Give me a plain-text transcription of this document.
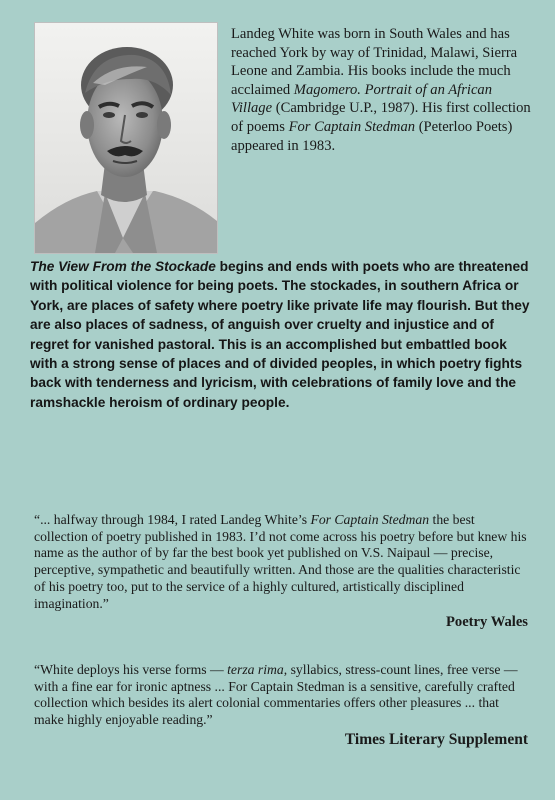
Landeg White was born in South Wales and has reached York by way of Trinidad, Malawi, Sierra Leone and Zambia. His books include the much acclaimed Magomero. Portrait of an African Village (Cambridge U.P., 1987). His first collection of poems For Captain Stedman (Peterloo Poets) appeared in 1983.

The View From the Stockade begins and ends with poets who are threatened with political violence for being poets. The stockades, in southern Africa or York, are places of safety where poetry like private life may flourish. But they are also places of sadness, of anguish over cruelty and injustice and of regret for vanished pastoral. This is an accomplished but embattled book with a strong sense of places and of divided peoples, in which poetry fights back with tenderness and lyricism, with celebrations of family love and the ramshackle heroism of ordinary people.

“... halfway through 1984, I rated Landeg White’s For Captain Stedman the best collection of poetry published in 1983. I’d not come across his poetry before but knew his name as the author of by far the best book yet published on V.S. Naipaul — precise, perceptive, sympathetic and beautifully written. And those are the qualities characteristic of his poetry too, put to the service of a highly cultured, artistically disciplined imagination.”

Poetry Wales

“White deploys his verse forms — terza rima, syllabics, stress-count lines, free verse — with a fine ear for ironic aptness ... For Captain Stedman is a sensitive, carefully crafted collection which besides its alert colonial commentaries offers other pleasures ... that make highly enjoyable reading.”

Times Literary Supplement
